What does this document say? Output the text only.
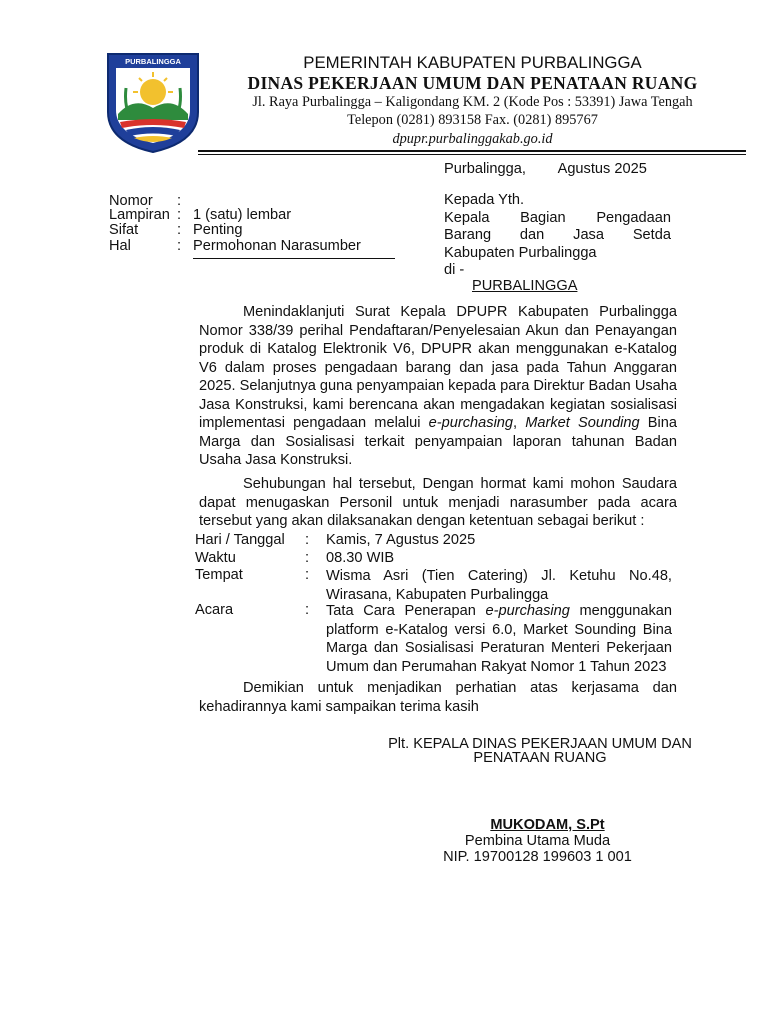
PURBALINGGA	PEMERINTAH KABUPATEN PURBALINGGA
DINAS PEKERJAAN UMUM DAN PENATAAN RUANG
Jl. Raya Purbalingga – Kaligondang KM. 2 (Kode Pos : 53391) Jawa Tengah
Telepon (0281) 893158 Fax. (0281) 895767
dpupr.purbalinggakab.go.id
Purbalingga,        Agustus 2025
Nomor :
Lampiran : 1 (satu) lembar
Sifat	: Penting
Hal	: Permohonan Narasumber
Kepada Yth.
Kepala Bagian Pengadaan
Barang dan Jasa Setda
Kabupaten Purbalingga
di -
PURBALINGGA
Menindaklanjuti Surat Kepala DPUPR Kabupaten Purbalingga Nomor 338/39 perihal Pendaftaran/Penyelesaian Akun dan Penayangan produk di Katalog Elektronik V6, DPUPR akan menggunakan e-Katalog V6 dalam proses pengadaan barang dan jasa pada Tahun Anggaran 2025. Selanjutnya guna penyampaian kepada para Direktur Badan Usaha Jasa Konstruksi, kami berencana akan mengadakan kegiatan sosialisasi implementasi pengadaan melalui e-purchasing, Market Sounding Bina Marga dan Sosialisasi terkait penyampaian laporan tahunan Badan Usaha Jasa Konstruksi.
Sehubungan hal tersebut, Dengan hormat kami mohon Saudara dapat menugaskan Personil untuk menjadi narasumber pada acara tersebut yang akan dilaksanakan dengan ketentuan sebagai berikut :
Hari / Tanggal : Kamis, 7 Agustus 2025
Waktu	: 08.30 WIB
Tempat	: Wisma Asri (Tien Catering) Jl. Ketuhu No.48, Wirasana, Kabupaten Purbalingga
Acara	: Tata Cara Penerapan e-purchasing menggunakan platform e-Katalog versi 6.0, Market Sounding Bina Marga dan Sosialisasi Peraturan Menteri Pekerjaan Umum dan Perumahan Rakyat Nomor 1 Tahun 2023
Demikian untuk menjadikan perhatian atas kerjasama dan kehadirannya kami sampaikan terima kasih
Plt. KEPALA DINAS PEKERJAAN UMUM DAN
PENATAAN RUANG
MUKODAM, S.Pt
Pembina Utama Muda
NIP. 19700128 199603 1 001
